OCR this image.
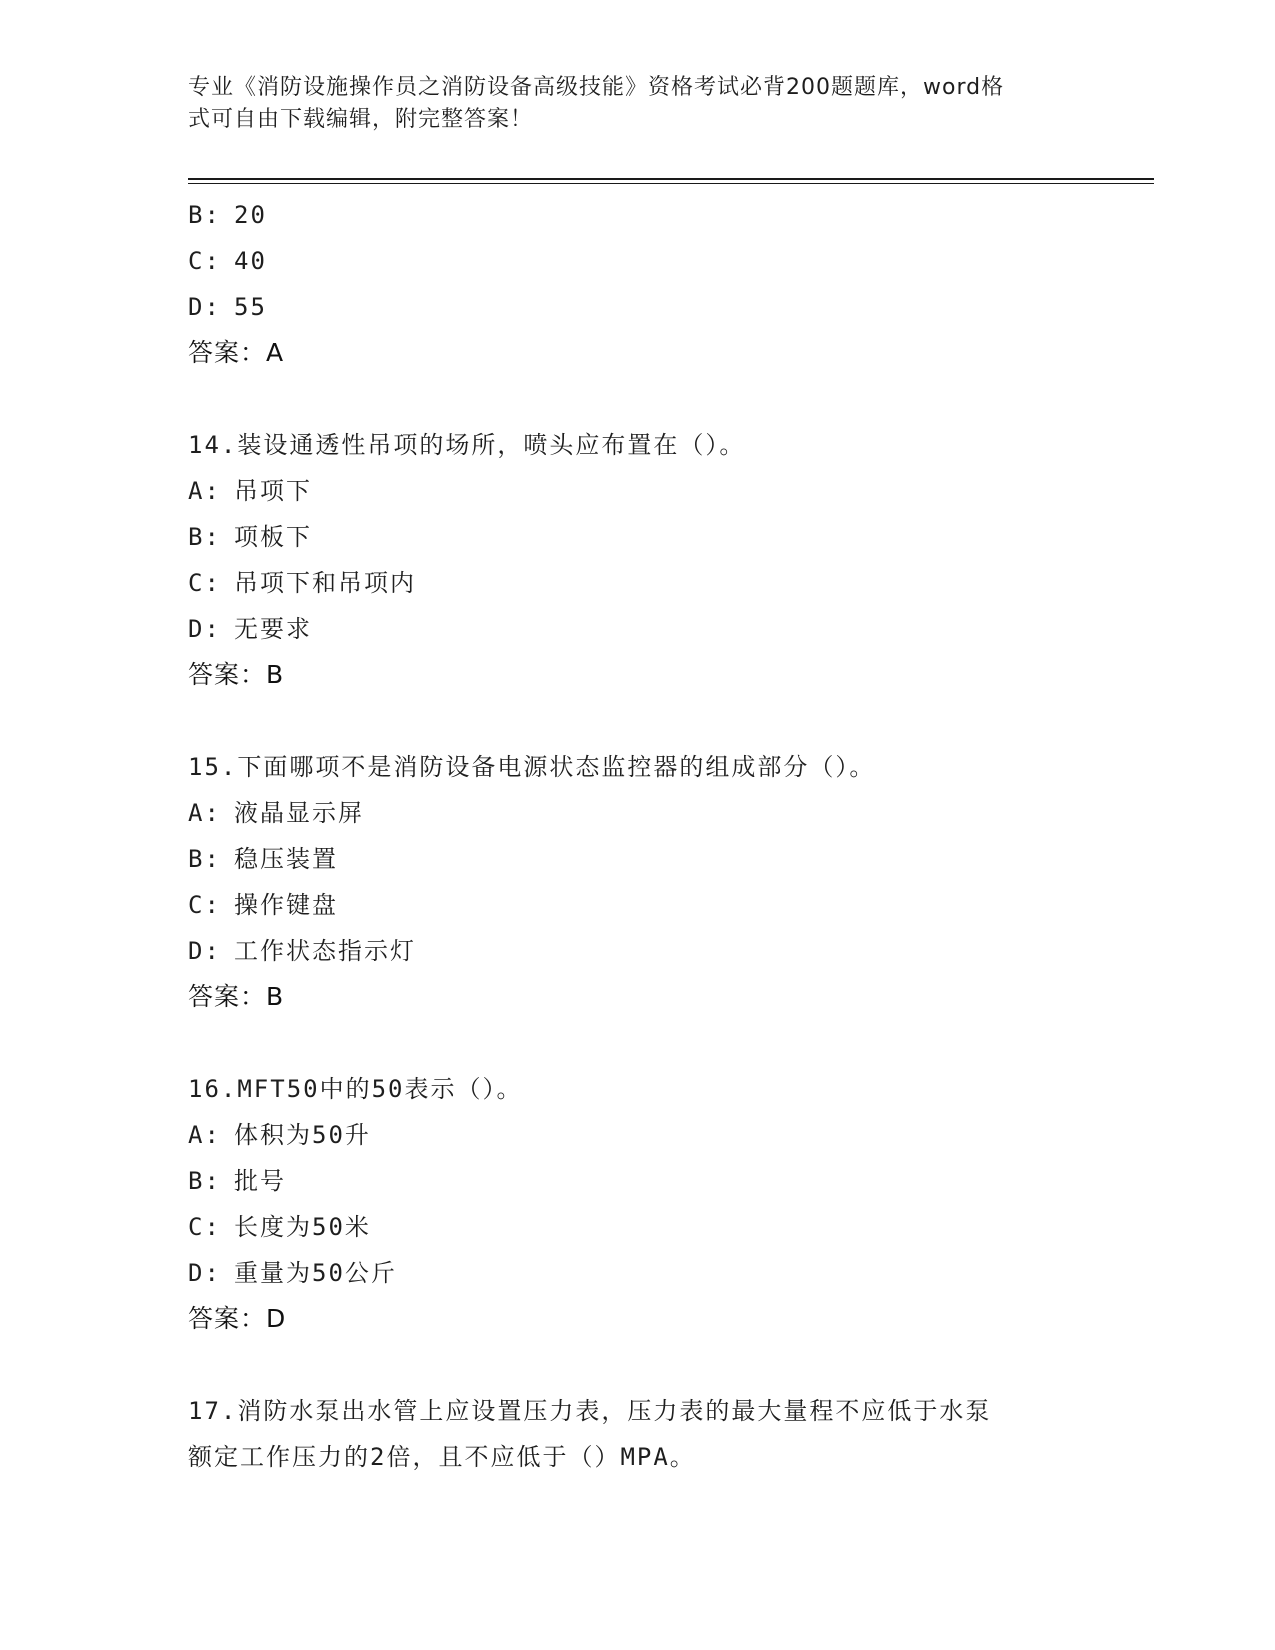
专业《消防设施操作员之消防设备高级技能》资格考试必背200题题库，word格
式可自由下载编辑，附完整答案！
B: 20
C: 40
D: 55
答案：A
14.装设通透性吊项的场所，喷头应布置在（）。
A: 吊项下
B: 项板下
C: 吊项下和吊项内
D: 无要求
答案：B
15.下面哪项不是消防设备电源状态监控器的组成部分（）。
A: 液晶显示屏
B: 稳压装置
C: 操作键盘
D: 工作状态指示灯
答案：B
16.MFT50中的50表示（）。
A: 体积为50升
B: 批号
C: 长度为50米
D: 重量为50公斤
答案：D
17.消防水泵出水管上应设置压力表，压力表的最大量程不应低于水泵
额定工作压力的2倍，且不应低于（）MPA。
